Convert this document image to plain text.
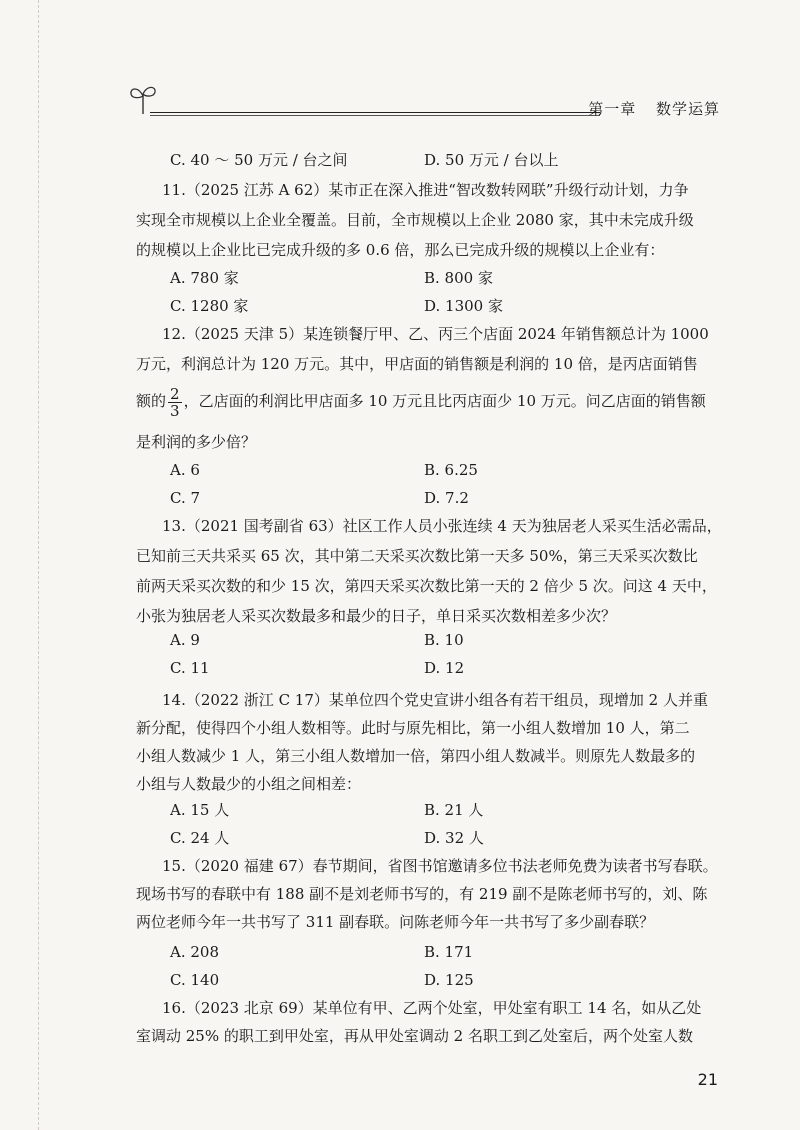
第一章 数学运算
C. 40 ～ 50 万元 / 台之间	D. 50 万元 / 台以上
11.（2025 江苏 A 62）某市正在深入推进“智改数转网联”升级行动计划，力争
实现全市规模以上企业全覆盖。目前，全市规模以上企业 2080 家，其中未完成升级
的规模以上企业比已完成升级的多 0.6 倍，那么已完成升级的规模以上企业有：
A. 780 家	B. 800 家
C. 1280 家	D. 1300 家
12.（2025 天津 5）某连锁餐厅甲、乙、丙三个店面 2024 年销售额总计为 1000
万元，利润总计为 120 万元。其中，甲店面的销售额是利润的 10 倍，是丙店面销售
额的 $\frac{2}{3}$ ，乙店面的利润比甲店面多 10 万元且比丙店面少 10 万元。问乙店面的销售额
是利润的多少倍？
A. 6	B. 6.25
C. 7	D. 7.2
13.（2021 国考副省 63）社区工作人员小张连续 4 天为独居老人采买生活必需品，
已知前三天共采买 65 次，其中第二天采买次数比第一天多 50%，第三天采买次数比
前两天采买次数的和少 15 次，第四天采买次数比第一天的 2 倍少 5 次。问这 4 天中，
小张为独居老人采买次数最多和最少的日子，单日采买次数相差多少次？
A. 9	B. 10
C. 11	D. 12
14.（2022 浙江 C 17）某单位四个党史宣讲小组各有若干组员，现增加 2 人并重
新分配，使得四个小组人数相等。此时与原先相比，第一小组人数增加 10 人，第二
小组人数减少 1 人，第三小组人数增加一倍，第四小组人数减半。则原先人数最多的
小组与人数最少的小组之间相差：
A. 15 人	B. 21 人
C. 24 人	D. 32 人
15.（2020 福建 67）春节期间，省图书馆邀请多位书法老师免费为读者书写春联。
现场书写的春联中有 188 副不是刘老师书写的，有 219 副不是陈老师书写的，刘、陈
两位老师今年一共书写了 311 副春联。问陈老师今年一共书写了多少副春联？
A. 208	B. 171
C. 140	D. 125
16.（2023 北京 69）某单位有甲、乙两个处室，甲处室有职工 14 名，如从乙处
室调动 25% 的职工到甲处室，再从甲处室调动 2 名职工到乙处室后，两个处室人数
21
